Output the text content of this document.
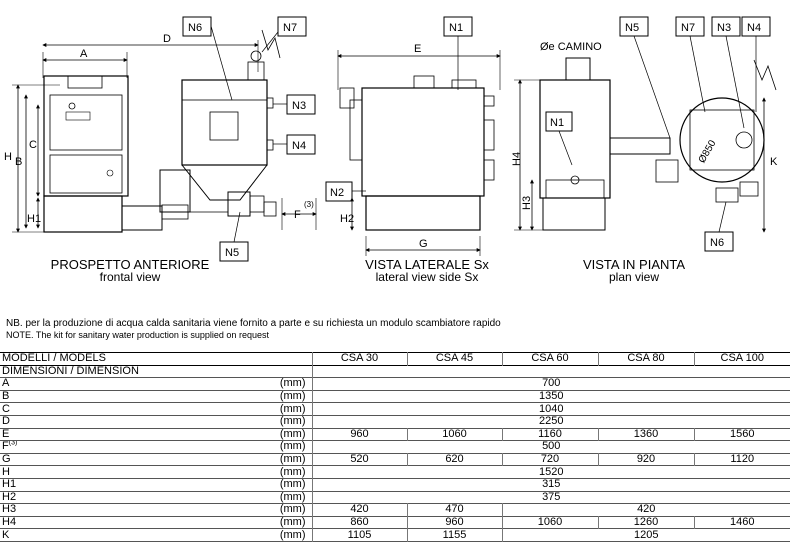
A
D
H B
C
H1	F
(3)
N6	N7
N3
N4
N5
E
H2
G
N1
N2
Øe CAMINO
Ø850
H4
H3
K
N1
N5	N7 N3 N4
N6
PROSPETTO ANTERIORE
frontal view
VISTA LATERALE Sx
lateral view side Sx
VISTA IN PIANTA
plan view
NB. per la produzione di acqua calda sanitaria viene fornito a parte e su richiesta un modulo scambiatore rapido
NOTE. The kit for sanitary water production is supplied on request
MODELLI / MODELS		CSA 30	CSA 45	CSA 60	CSA 80	CSA 100
DIMENSIONI / DIMENSION						
A	(mm)	700				
B	(mm)	1350				
C	(mm)	1040				
D	(mm)	2250				
E	(mm)	960	1060	1160	1360	1560
$F^{(3)}$	(mm)	500				
G	(mm)	520	620	720	920	1120
H	(mm)	1520				
H1	(mm)	315				
H2	(mm)	375				
H3	(mm)	420	470	420		
H4	(mm)	860	960	1060	1260	1460
K	(mm)	1105	1155	1205		
